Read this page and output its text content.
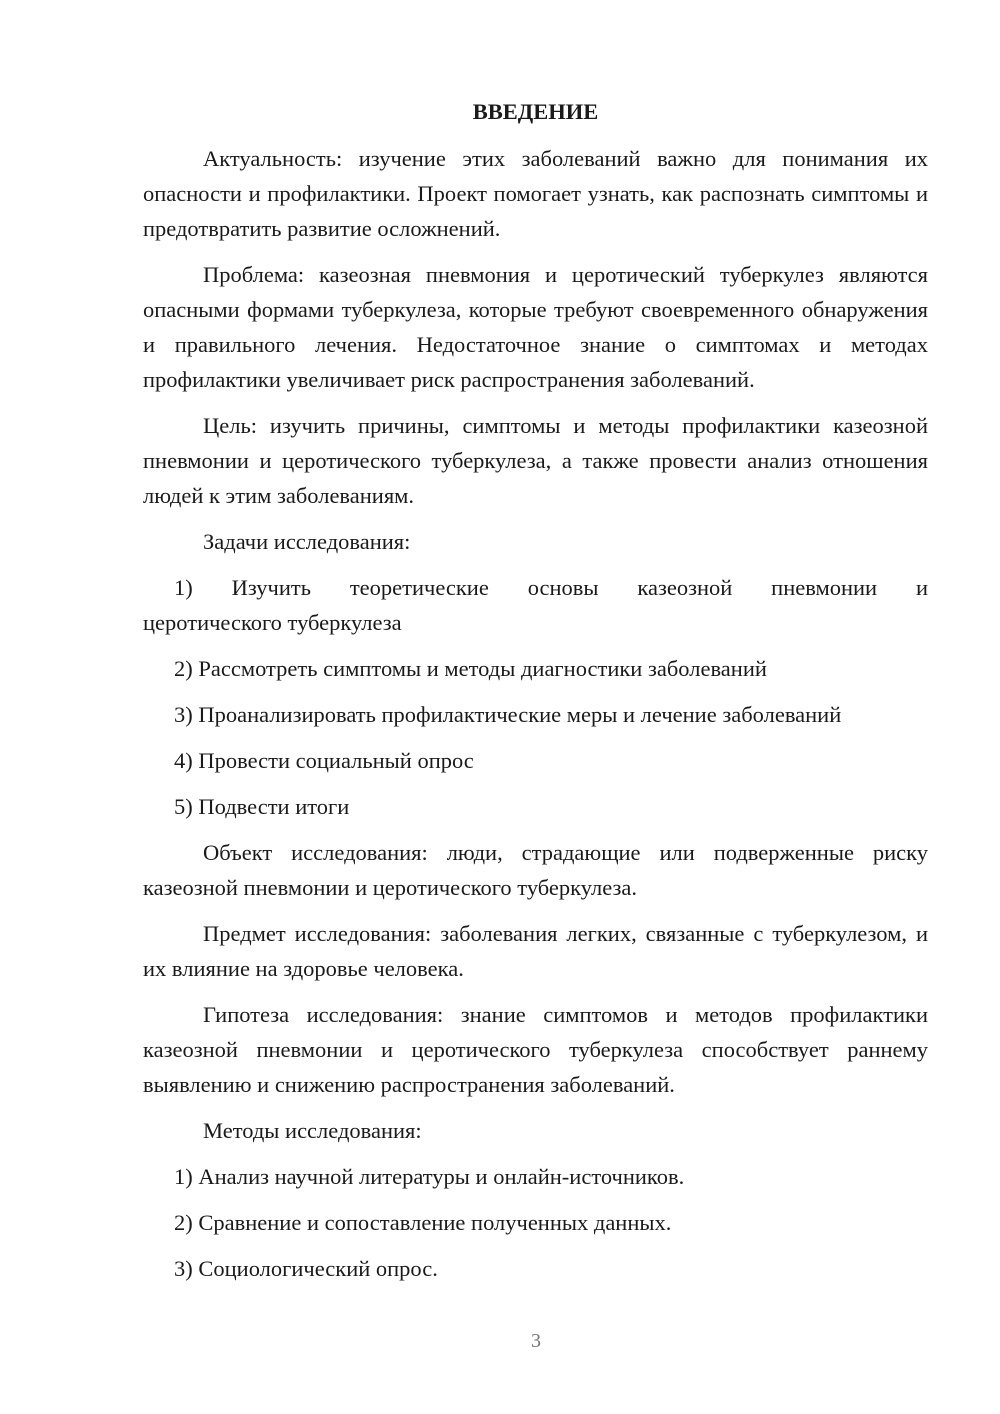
ВВЕДЕНИЕ

Актуальность: изучение этих заболеваний важно для понимания их опасности и профилактики. Проект помогает узнать, как распознать симптомы и предотвратить развитие осложнений.

Проблема: казеозная пневмония и церотический туберкулез являются опасными формами туберкулеза, которые требуют своевременного обнаружения и правильного лечения. Недостаточное знание о симптомах и методах профилактики увеличивает риск распространения заболеваний.

Цель: изучить причины, симптомы и методы профилактики казеозной пневмонии и церотического туберкулеза, а также провести анализ отношения людей к этим заболеваниям.

Задачи исследования:

1) Изучить теоретические основы казеозной пневмонии и
церотического туберкулеза
2) Рассмотреть симптомы и методы диагностики заболеваний
3) Проанализировать профилактические меры и лечение заболеваний
4) Провести социальный опрос
5) Подвести итоги

Объект исследования: люди, страдающие или подверженные риску казеозной пневмонии и церотического туберкулеза.

Предмет исследования: заболевания легких, связанные с туберкулезом, и их влияние на здоровье человека.

Гипотеза исследования: знание симптомов и методов профилактики казеозной пневмонии и церотического туберкулеза способствует раннему выявлению и снижению распространения заболеваний.

Методы исследования:

1) Анализ научной литературы и онлайн-источников.
2) Сравнение и сопоставление полученных данных.
3) Социологический опрос.
3
